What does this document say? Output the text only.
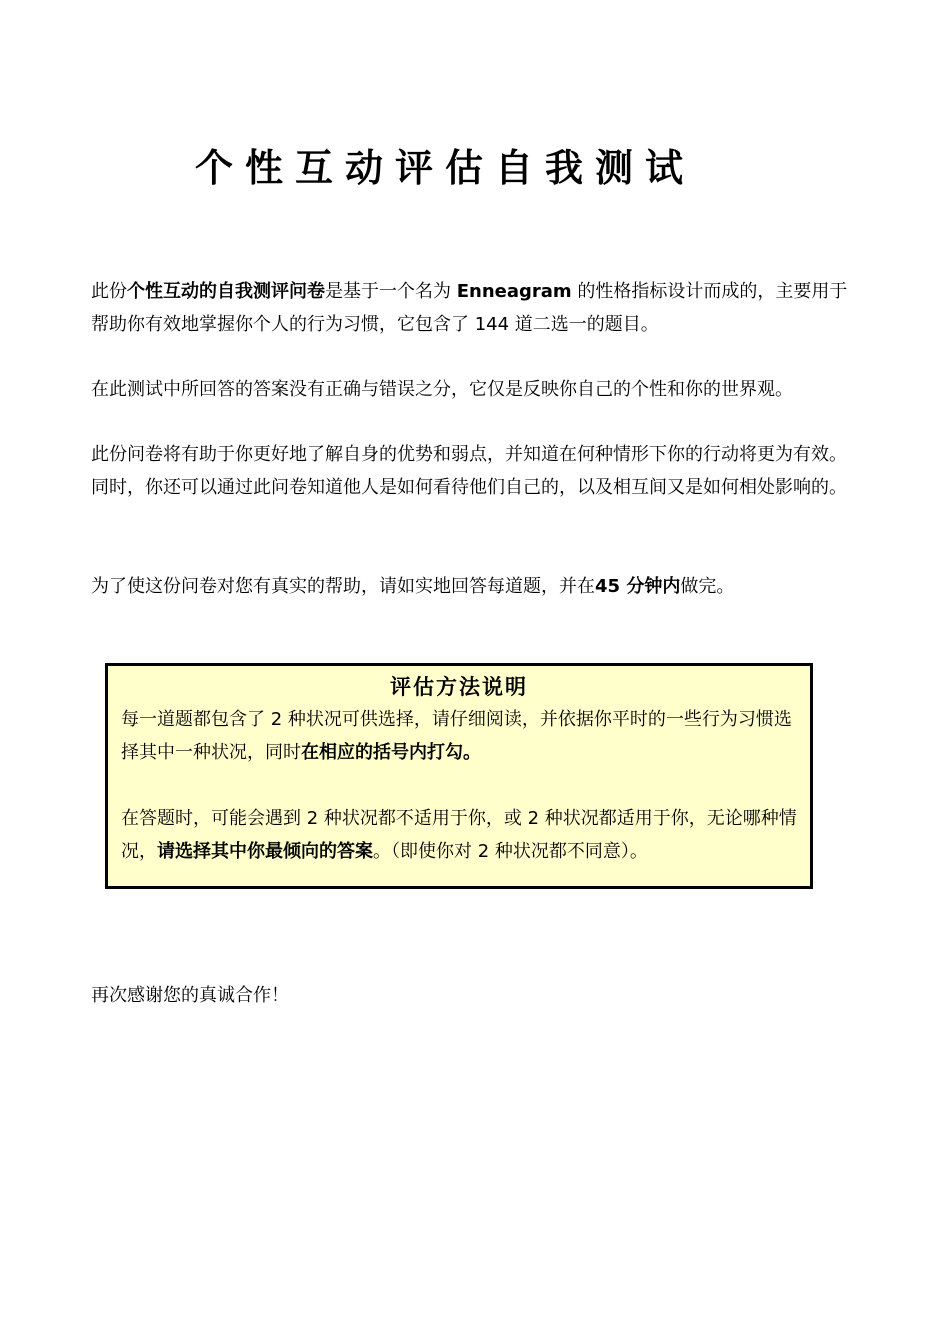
个性互动评估自我测试

此份个性互动的自我测评问卷是基于一个名为 Enneagram 的性格指标设计而成的，主要用于帮助你有效地掌握你个人的行为习惯，它包含了 144 道二选一的题目。

在此测试中所回答的答案没有正确与错误之分，它仅是反映你自己的个性和你的世界观。

此份问卷将有助于你更好地了解自身的优势和弱点，并知道在何种情形下你的行动将更为有效。同时，你还可以通过此问卷知道他人是如何看待他们自己的，以及相互间又是如何相处影响的。

为了使这份问卷对您有真实的帮助，请如实地回答每道题，并在45 分钟内做完。

评估方法说明

每一道题都包含了 2 种状况可供选择，请仔细阅读，并依据你平时的一些行为习惯选择其中一种状况，同时在相应的括号内打勾。

在答题时，可能会遇到 2 种状况都不适用于你，或 2 种状况都适用于你，无论哪种情况，请选择其中你最倾向的答案。（即使你对 2 种状况都不同意）。

再次感谢您的真诚合作！
